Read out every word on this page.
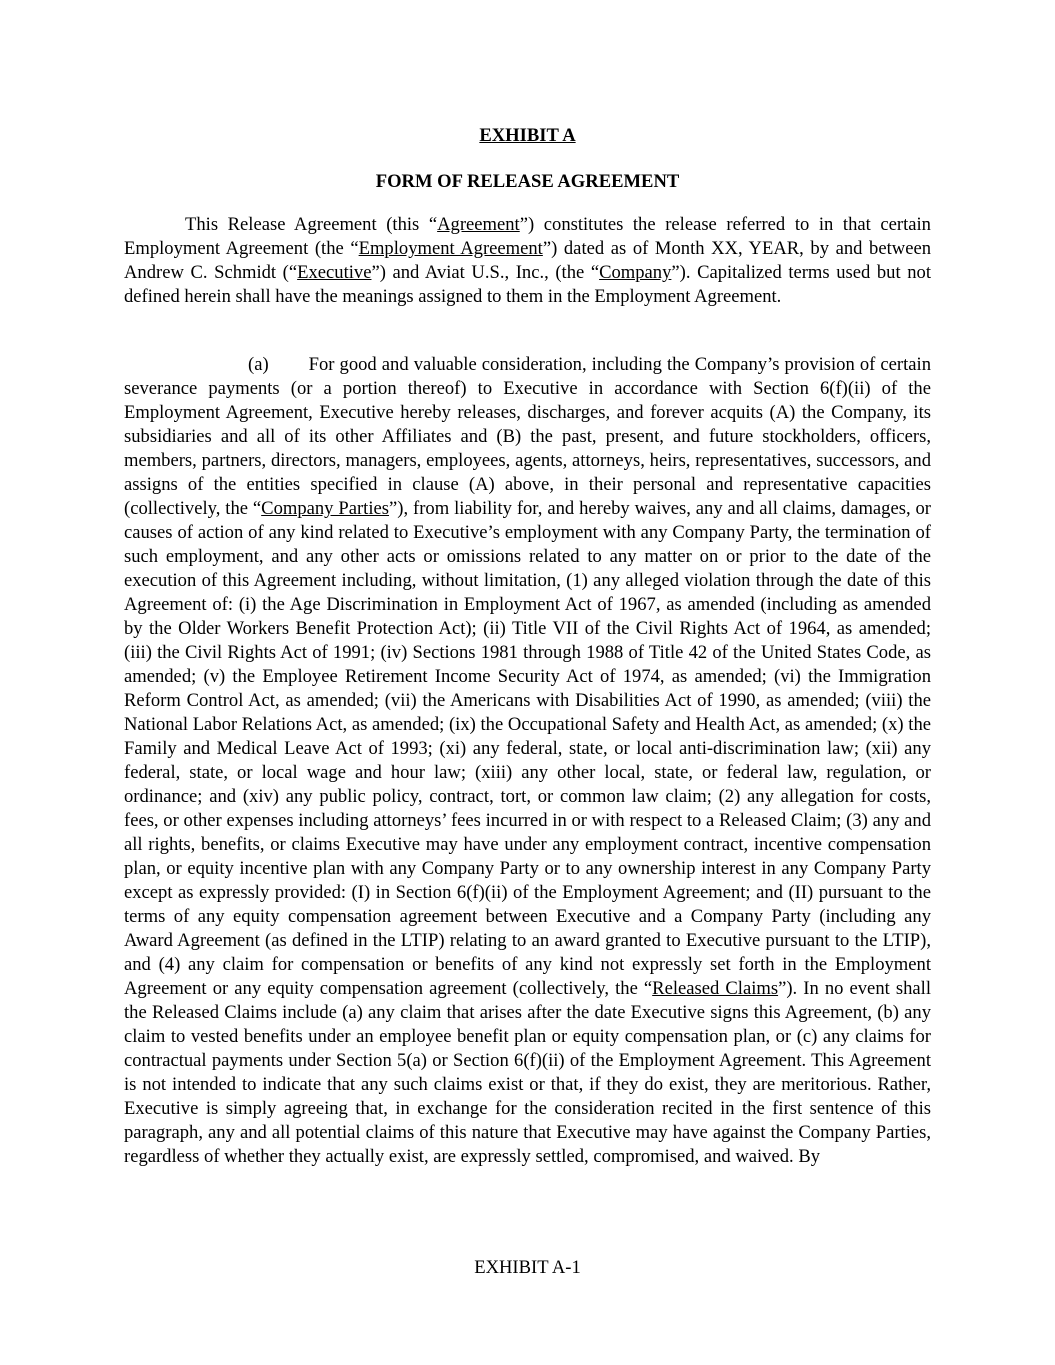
EXHIBIT A
FORM OF RELEASE AGREEMENT
This Release Agreement (this “Agreement”) constitutes the release referred to in that certain Employment Agreement (the “Employment Agreement”) dated as of Month XX, YEAR, by and between Andrew C. Schmidt (“Executive”) and Aviat U.S., Inc., (the “Company”). Capitalized terms used but not defined herein shall have the meanings assigned to them in the Employment Agreement.
(a) For good and valuable consideration, including the Company’s provision of certain severance payments (or a portion thereof) to Executive in accordance with Section 6(f)(ii) of the Employment Agreement, Executive hereby releases, discharges, and forever acquits (A) the Company, its subsidiaries and all of its other Affiliates and (B) the past, present, and future stockholders, officers, members, partners, directors, managers, employees, agents, attorneys, heirs, representatives, successors, and assigns of the entities specified in clause (A) above, in their personal and representative capacities (collectively, the “Company Parties”), from liability for, and hereby waives, any and all claims, damages, or causes of action of any kind related to Executive’s employment with any Company Party, the termination of such employment, and any other acts or omissions related to any matter on or prior to the date of the execution of this Agreement including, without limitation, (1) any alleged violation through the date of this Agreement of: (i) the Age Discrimination in Employment Act of 1967, as amended (including as amended by the Older Workers Benefit Protection Act); (ii) Title VII of the Civil Rights Act of 1964, as amended; (iii) the Civil Rights Act of 1991; (iv) Sections 1981 through 1988 of Title 42 of the United States Code, as amended; (v) the Employee Retirement Income Security Act of 1974, as amended; (vi) the Immigration Reform Control Act, as amended; (vii) the Americans with Disabilities Act of 1990, as amended; (viii) the National Labor Relations Act, as amended; (ix) the Occupational Safety and Health Act, as amended; (x) the Family and Medical Leave Act of 1993; (xi) any federal, state, or local anti-discrimination law; (xii) any federal, state, or local wage and hour law; (xiii) any other local, state, or federal law, regulation, or ordinance; and (xiv) any public policy, contract, tort, or common law claim; (2) any allegation for costs, fees, or other expenses including attorneys’ fees incurred in or with respect to a Released Claim; (3) any and all rights, benefits, or claims Executive may have under any employment contract, incentive compensation plan, or equity incentive plan with any Company Party or to any ownership interest in any Company Party except as expressly provided: (I) in Section 6(f)(ii) of the Employment Agreement; and (II) pursuant to the terms of any equity compensation agreement between Executive and a Company Party (including any Award Agreement (as defined in the LTIP) relating to an award granted to Executive pursuant to the LTIP), and (4) any claim for compensation or benefits of any kind not expressly set forth in the Employment Agreement or any equity compensation agreement (collectively, the “Released Claims”). In no event shall the Released Claims include (a) any claim that arises after the date Executive signs this Agreement, (b) any claim to vested benefits under an employee benefit plan or equity compensation plan, or (c) any claims for contractual payments under Section 5(a) or Section 6(f)(ii) of the Employment Agreement. This Agreement is not intended to indicate that any such claims exist or that, if they do exist, they are meritorious. Rather, Executive is simply agreeing that, in exchange for the consideration recited in the first sentence of this paragraph, any and all potential claims of this nature that Executive may have against the Company Parties, regardless of whether they actually exist, are expressly settled, compromised, and waived. By
EXHIBIT A-1
